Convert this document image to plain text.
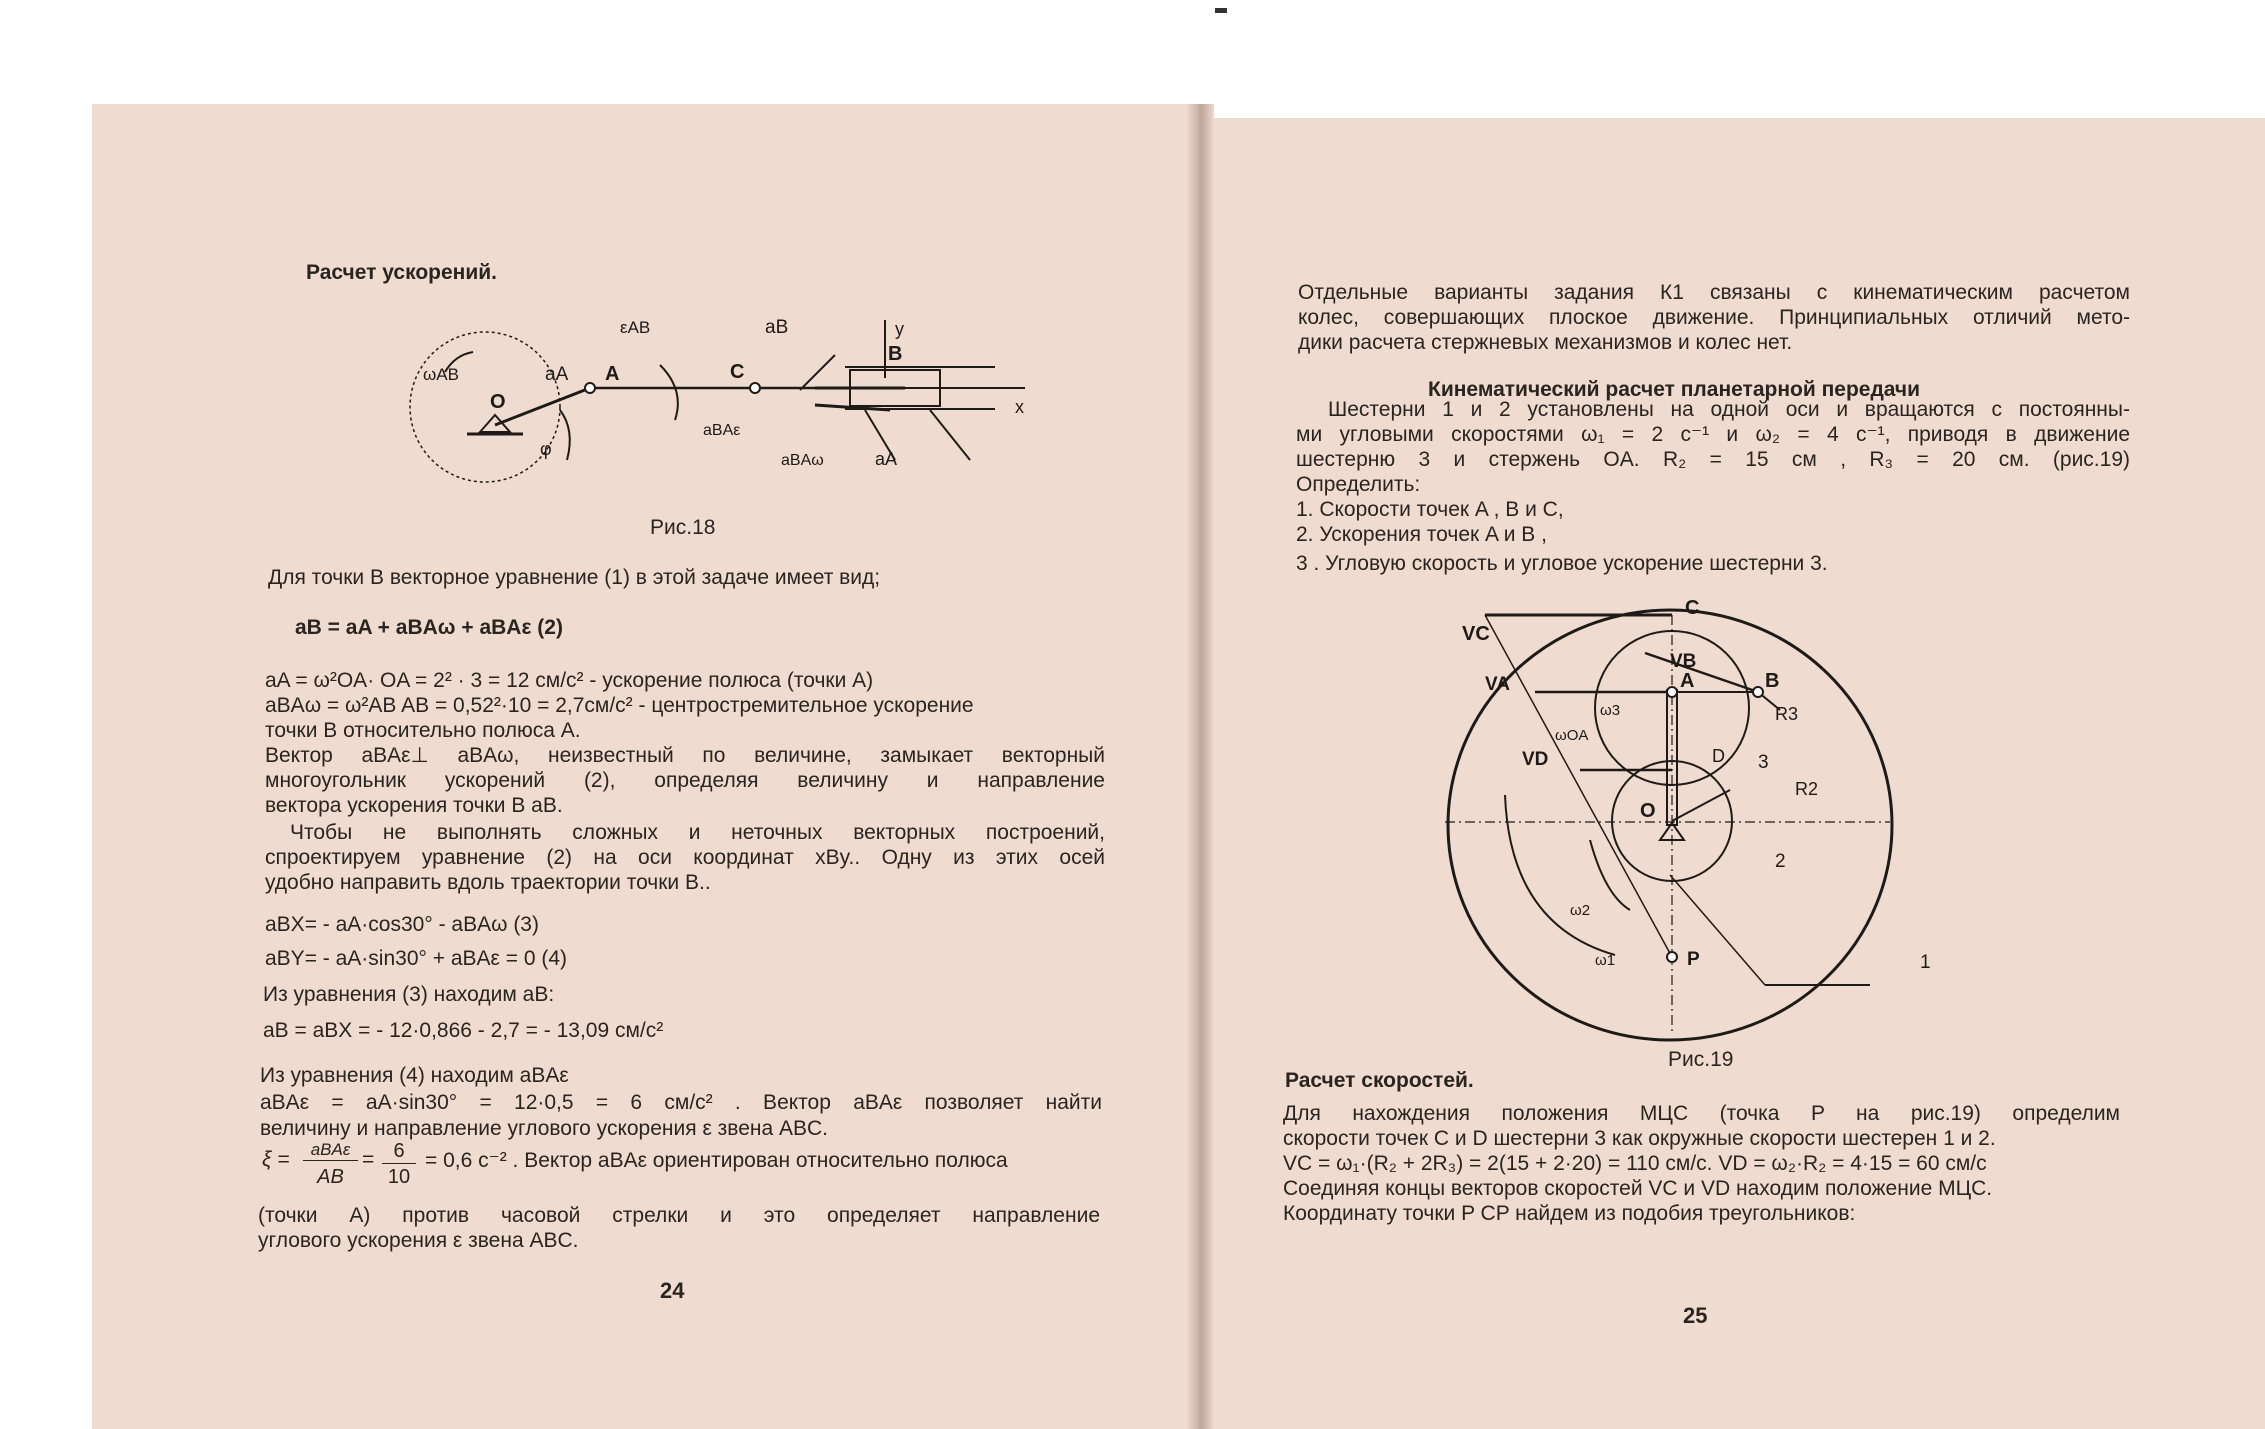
Расчет ускорений.
εAB	aB
ωAB
O
aA A	C
B
y
x
aBAε
aBAω	aA
φ
Рис.18
Для точки B векторное уравнение (1) в этой задаче имеет вид;
aB = aA + aBAω + aBAε (2)
aA = ω²OA· OA = 2² · 3 = 12 см/с² - ускорение полюса (точки A)
aBAω = ω²AB AB = 0,52²·10 = 2,7см/с² - центростремительное ускорение
точки B относительно полюса A.
Вектор aBAε⊥ aBAω, неизвестный по величине, замыкает векторный
многоугольник ускорений (2), определяя величину и направление
вектора ускорения точки B aB.
Чтобы не выполнять сложных и неточных векторных построений,
спроектируем уравнение (2) на оси координат xBy.. Одну из этих осей
удобно направить вдоль траектории точки B..
aBX= - aA·cos30° - aBAω (3)
aBY= - aA·sin30° + aBAε = 0 (4)
Из уравнения (3) находим aB:
aB = aBX = - 12·0,866 - 2,7 = - 13,09 см/с²
Из уравнения (4) находим aBAε
aBAε = aA·sin30° = 12·0,5 = 6 см/с² . Вектор aBAε позволяет найти
величину и направление углового ускорения ε звена ABC.
ξ =	aBAε
AB
= 6
10
= 0,6 с⁻² . Вектор aBAε ориентирован относительно полюса
(точки A) против часовой стрелки и это определяет направление
углового ускорения ε звена ABC.
24
Отдельные варианты задания К1 связаны с кинематическим расчетом
колес, совершающих плоское движение. Принципиальных отличий мето-
дики расчета стержневых механизмов и колес нет.
Кинематический расчет планетарной передачи
Шестерни 1 и 2 установлены на одной оси и вращаются с постоянны-
ми угловыми скоростями ω₁ = 2 с⁻¹ и ω₂ = 4 с⁻¹, приводя в движение
шестерню 3 и стержень OA. R₂ = 15 см , R₃ = 20 см. (рис.19)
Определить:
1. Скорости точек A , B и C,
2. Ускорения точек A и B ,
3 . Угловую скорость и угловое ускорение шестерни 3.
C
VC
VB
VA	A	B
R3
ω3
ωOA
VD	D 3
R2
O
2
ω2
ω1	P	1
Рис.19
Расчет скоростей.
Для нахождения положения МЦС (точка P на рис.19) определим
скорости точек C и D шестерни 3 как окружные скорости шестерен 1 и 2.
VC = ω₁·(R₂ + 2R₃) = 2(15 + 2·20) = 110 см/с. VD = ω₂·R₂ = 4·15 = 60 см/с
Соединяя концы векторов скоростей VC и VD находим положение МЦС.
Координату точки P CP найдем из подобия треугольников:
25
